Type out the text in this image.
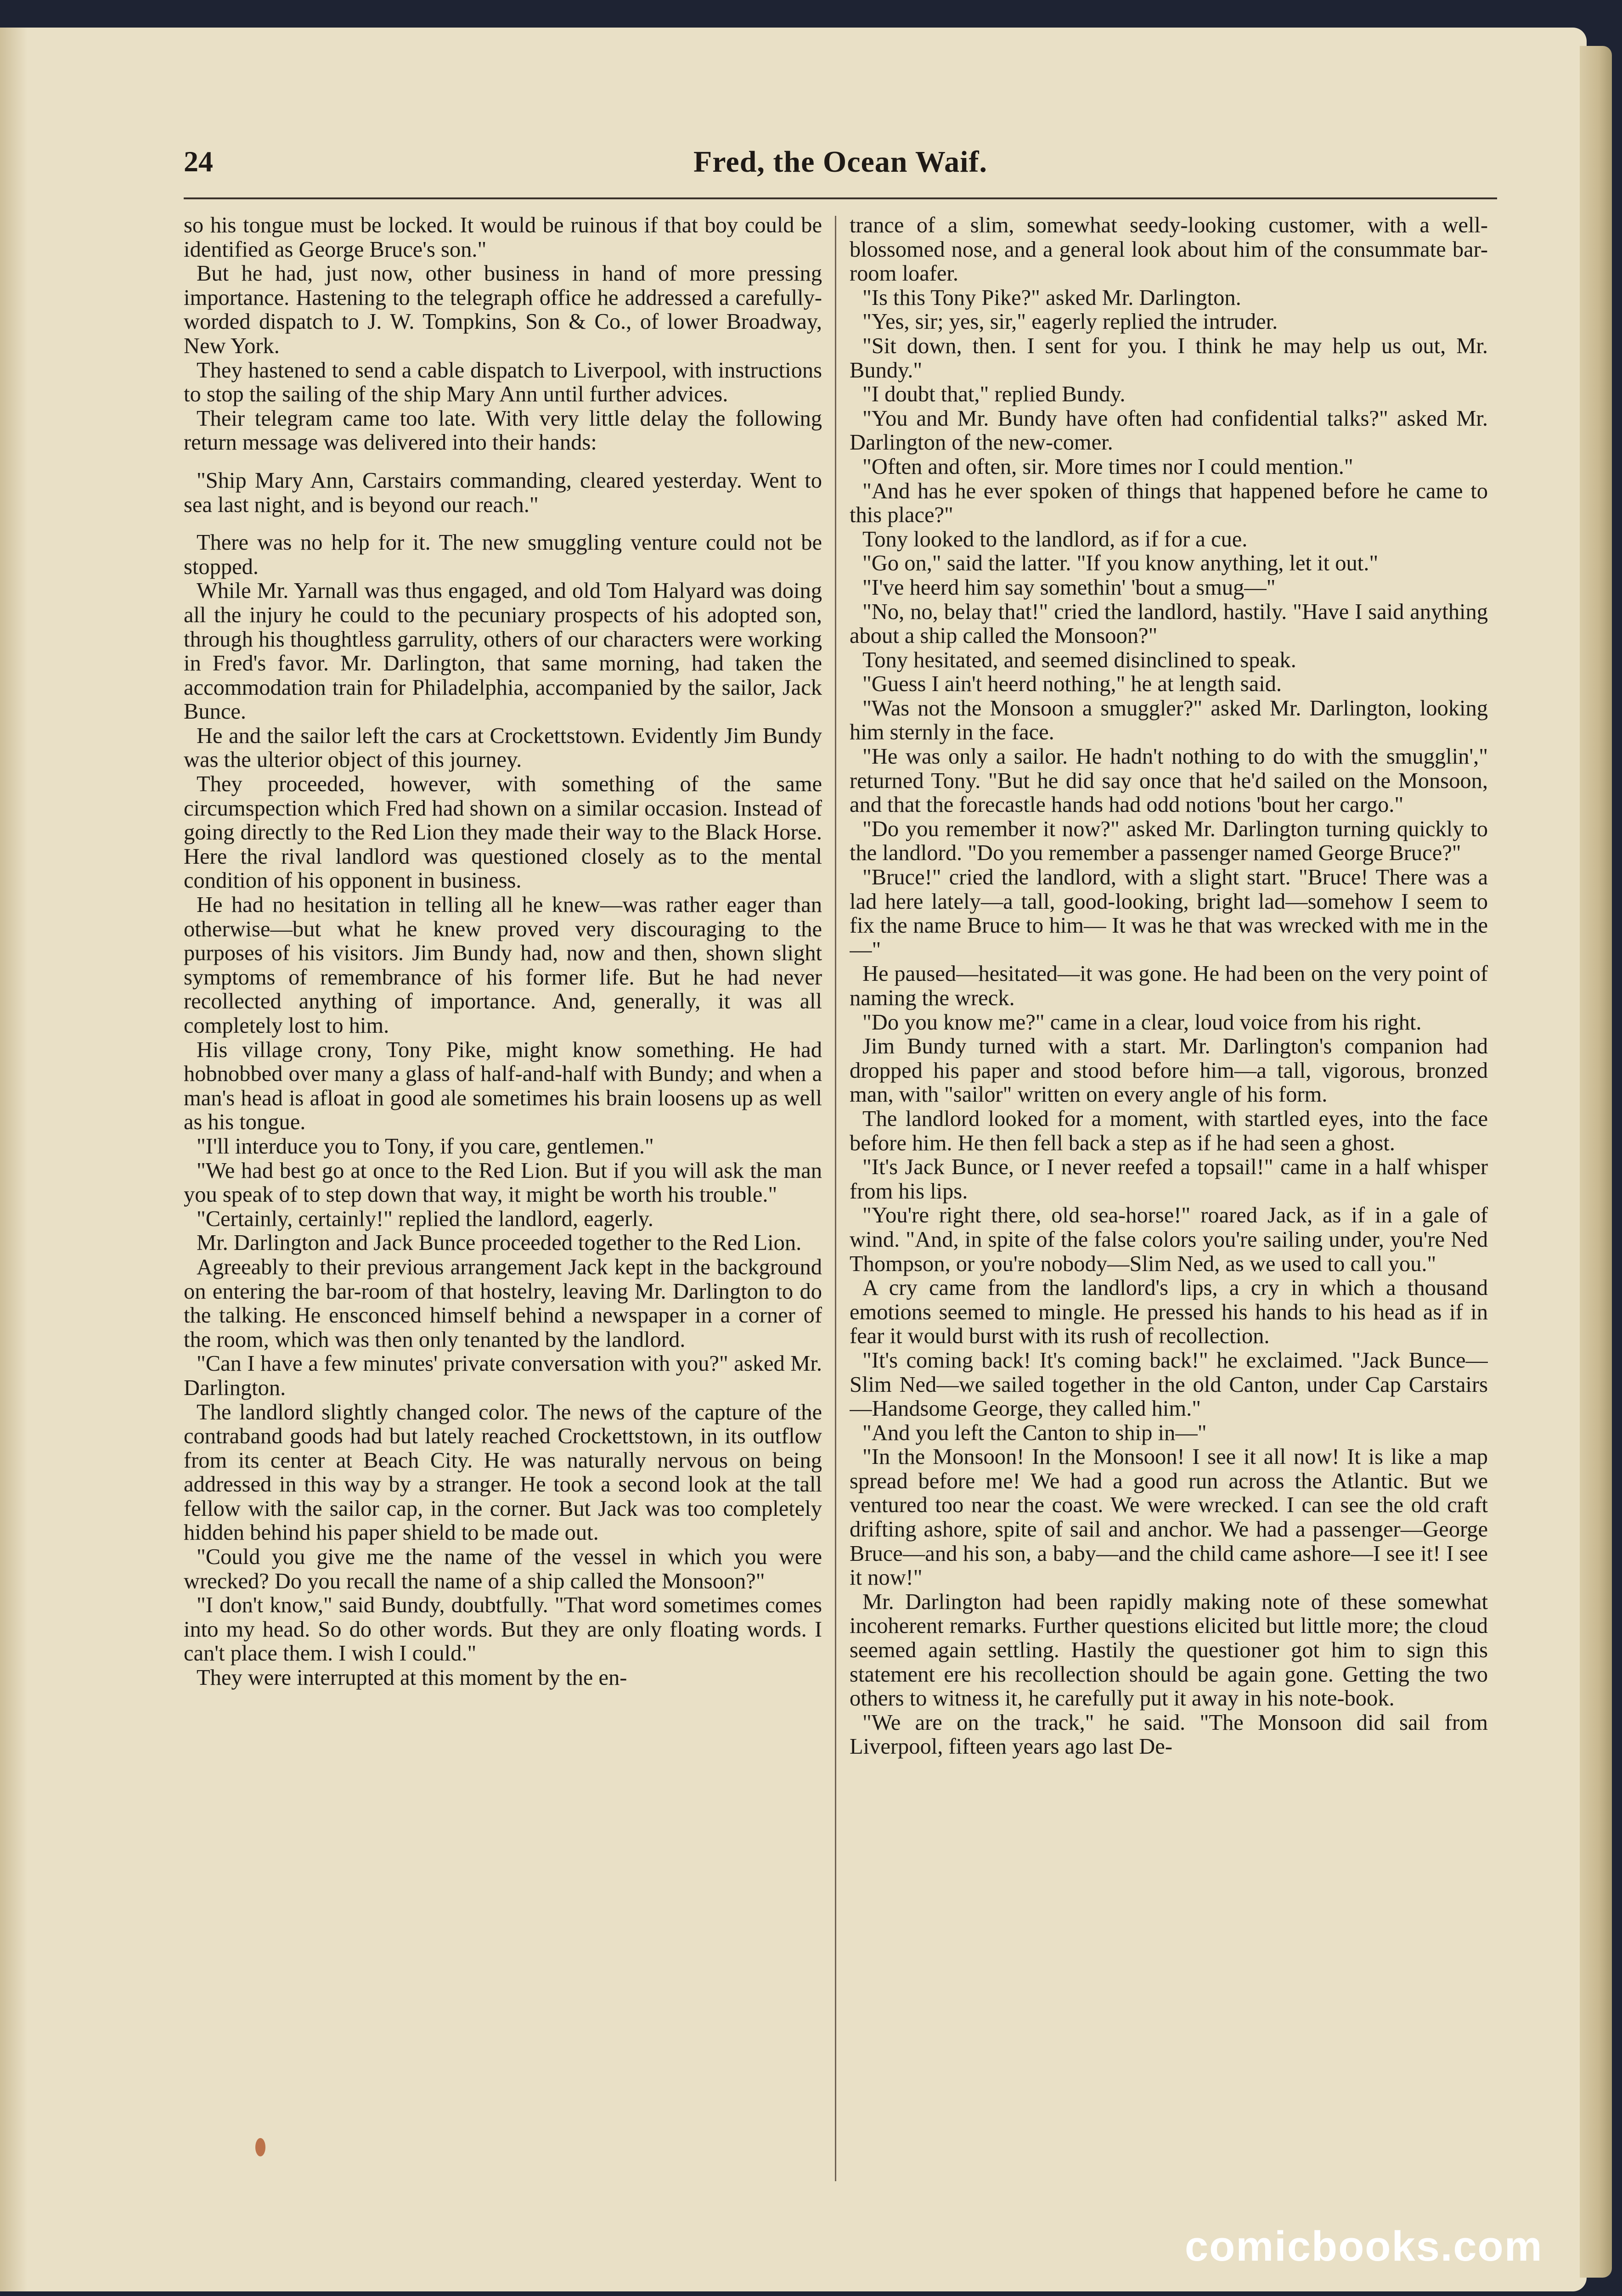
24	Fred, the Ocean Waif.

so his tongue must be locked. It would be ruinous if that boy could be identified as George Bruce's son."

But he had, just now, other business in hand of more pressing importance. Hastening to the telegraph office he addressed a carefully-worded dispatch to J. W. Tompkins, Son & Co., of lower Broadway, New York.

They hastened to send a cable dispatch to Liverpool, with instructions to stop the sailing of the ship Mary Ann until further advices.

Their telegram came too late. With very little delay the following return message was delivered into their hands:

"Ship Mary Ann, Carstairs commanding, cleared yesterday. Went to sea last night, and is beyond our reach."

There was no help for it. The new smuggling venture could not be stopped.

While Mr. Yarnall was thus engaged, and old Tom Halyard was doing all the injury he could to the pecuniary prospects of his adopted son, through his thoughtless garrulity, others of our characters were working in Fred's favor. Mr. Darlington, that same morning, had taken the accommodation train for Philadelphia, accompanied by the sailor, Jack Bunce.

He and the sailor left the cars at Crockettstown. Evidently Jim Bundy was the ulterior object of this journey.

They proceeded, however, with something of the same circumspection which Fred had shown on a similar occasion. Instead of going directly to the Red Lion they made their way to the Black Horse. Here the rival landlord was questioned closely as to the mental condition of his opponent in business.

He had no hesitation in telling all he knew—was rather eager than otherwise—but what he knew proved very discouraging to the purposes of his visitors. Jim Bundy had, now and then, shown slight symptoms of remembrance of his former life. But he had never recollected anything of importance. And, generally, it was all completely lost to him.

His village crony, Tony Pike, might know something. He had hobnobbed over many a glass of half-and-half with Bundy; and when a man's head is afloat in good ale sometimes his brain loosens up as well as his tongue.

"I'll interduce you to Tony, if you care, gentlemen."

"We had best go at once to the Red Lion. But if you will ask the man you speak of to step down that way, it might be worth his trouble."

"Certainly, certainly!" replied the landlord, eagerly.

Mr. Darlington and Jack Bunce proceeded together to the Red Lion.

Agreeably to their previous arrangement Jack kept in the background on entering the bar-room of that hostelry, leaving Mr. Darlington to do the talking. He ensconced himself behind a newspaper in a corner of the room, which was then only tenanted by the landlord.

"Can I have a few minutes' private conversation with you?" asked Mr. Darlington.

The landlord slightly changed color. The news of the capture of the contraband goods had but lately reached Crockettstown, in its outflow from its center at Beach City. He was naturally nervous on being addressed in this way by a stranger. He took a second look at the tall fellow with the sailor cap, in the corner. But Jack was too completely hidden behind his paper shield to be made out.

"Could you give me the name of the vessel in which you were wrecked? Do you recall the name of a ship called the Monsoon?"

"I don't know," said Bundy, doubtfully. "That word sometimes comes into my head. So do other words. But they are only floating words. I can't place them. I wish I could."

They were interrupted at this moment by the en-

trance of a slim, somewhat seedy-looking customer, with a well-blossomed nose, and a general look about him of the consummate bar-room loafer.

"Is this Tony Pike?" asked Mr. Darlington.

"Yes, sir; yes, sir," eagerly replied the intruder.

"Sit down, then. I sent for you. I think he may help us out, Mr. Bundy."

"I doubt that," replied Bundy.

"You and Mr. Bundy have often had confidential talks?" asked Mr. Darlington of the new-comer.

"Often and often, sir. More times nor I could mention."

"And has he ever spoken of things that happened before he came to this place?"

Tony looked to the landlord, as if for a cue.

"Go on," said the latter. "If you know anything, let it out."

"I've heerd him say somethin' 'bout a smug—"

"No, no, belay that!" cried the landlord, hastily. "Have I said anything about a ship called the Monsoon?"

Tony hesitated, and seemed disinclined to speak.

"Guess I ain't heerd nothing," he at length said.

"Was not the Monsoon a smuggler?" asked Mr. Darlington, looking him sternly in the face.

"He was only a sailor. He hadn't nothing to do with the smugglin'," returned Tony. "But he did say once that he'd sailed on the Monsoon, and that the forecastle hands had odd notions 'bout her cargo."

"Do you remember it now?" asked Mr. Darlington turning quickly to the landlord. "Do you remember a passenger named George Bruce?"

"Bruce!" cried the landlord, with a slight start. "Bruce! There was a lad here lately—a tall, good-looking, bright lad—somehow I seem to fix the name Bruce to him— It was he that was wrecked with me in the—"

He paused—hesitated—it was gone. He had been on the very point of naming the wreck.

"Do you know me?" came in a clear, loud voice from his right.

Jim Bundy turned with a start. Mr. Darlington's companion had dropped his paper and stood before him—a tall, vigorous, bronzed man, with "sailor" written on every angle of his form.

The landlord looked for a moment, with startled eyes, into the face before him. He then fell back a step as if he had seen a ghost.

"It's Jack Bunce, or I never reefed a topsail!" came in a half whisper from his lips.

"You're right there, old sea-horse!" roared Jack, as if in a gale of wind. "And, in spite of the false colors you're sailing under, you're Ned Thompson, or you're nobody—Slim Ned, as we used to call you."

A cry came from the landlord's lips, a cry in which a thousand emotions seemed to mingle. He pressed his hands to his head as if in fear it would burst with its rush of recollection.

"It's coming back! It's coming back!" he exclaimed. "Jack Bunce—Slim Ned—we sailed together in the old Canton, under Cap Carstairs—Handsome George, they called him."

"And you left the Canton to ship in—"

"In the Monsoon! In the Monsoon! I see it all now! It is like a map spread before me! We had a good run across the Atlantic. But we ventured too near the coast. We were wrecked. I can see the old craft drifting ashore, spite of sail and anchor. We had a passenger—George Bruce—and his son, a baby—and the child came ashore—I see it! I see it now!"

Mr. Darlington had been rapidly making note of these somewhat incoherent remarks. Further questions elicited but little more; the cloud seemed again settling. Hastily the questioner got him to sign this statement ere his recollection should be again gone. Getting the two others to witness it, he carefully put it away in his note-book.

"We are on the track," he said. "The Monsoon did sail from Liverpool, fifteen years ago last De-

comicbooks.com
